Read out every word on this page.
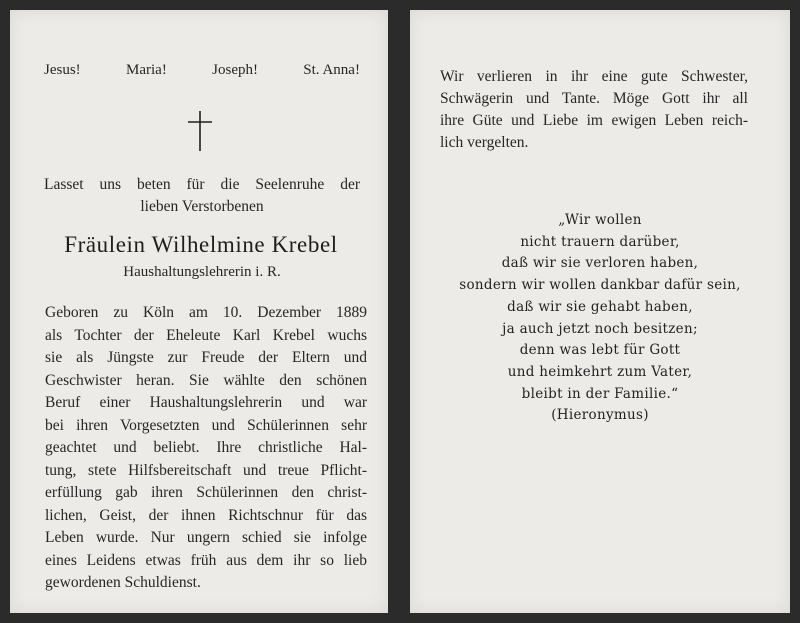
Jesus!	Maria!	Joseph!	St. Anna!
Lasset uns beten für die Seelenruhe der
lieben Verstorbenen
Fräulein Wilhelmine Krebel
Haushaltungslehrerin i. R.
Geboren zu Köln am 10. Dezember 1889
als Tochter der Eheleute Karl Krebel wuchs
sie als Jüngste zur Freude der Eltern und
Geschwister heran. Sie wählte den schönen
Beruf einer Haushaltungslehrerin und war
bei ihren Vorgesetzten und Schülerinnen sehr
geachtet und beliebt. Ihre christliche Hal-
tung, stete Hilfsbereitschaft und treue Pflicht-
erfüllung gab ihren Schülerinnen den christ-
lichen, Geist, der ihnen Richtschnur für das
Leben wurde. Nur ungern schied sie infolge
eines Leidens etwas früh aus dem ihr so lieb
gewordenen Schuldienst.
Wir verlieren in ihr eine gute Schwester,
Schwägerin und Tante. Möge Gott ihr all
ihre Güte und Liebe im ewigen Leben reich-
lich vergelten.
„Wir wollen
nicht trauern darüber,
daß wir sie verloren haben,
sondern wir wollen dankbar dafür sein,
daß wir sie gehabt haben,
ja auch jetzt noch besitzen;
denn was lebt für Gott
und heimkehrt zum Vater,
bleibt in der Familie.“
(Hieronymus)
